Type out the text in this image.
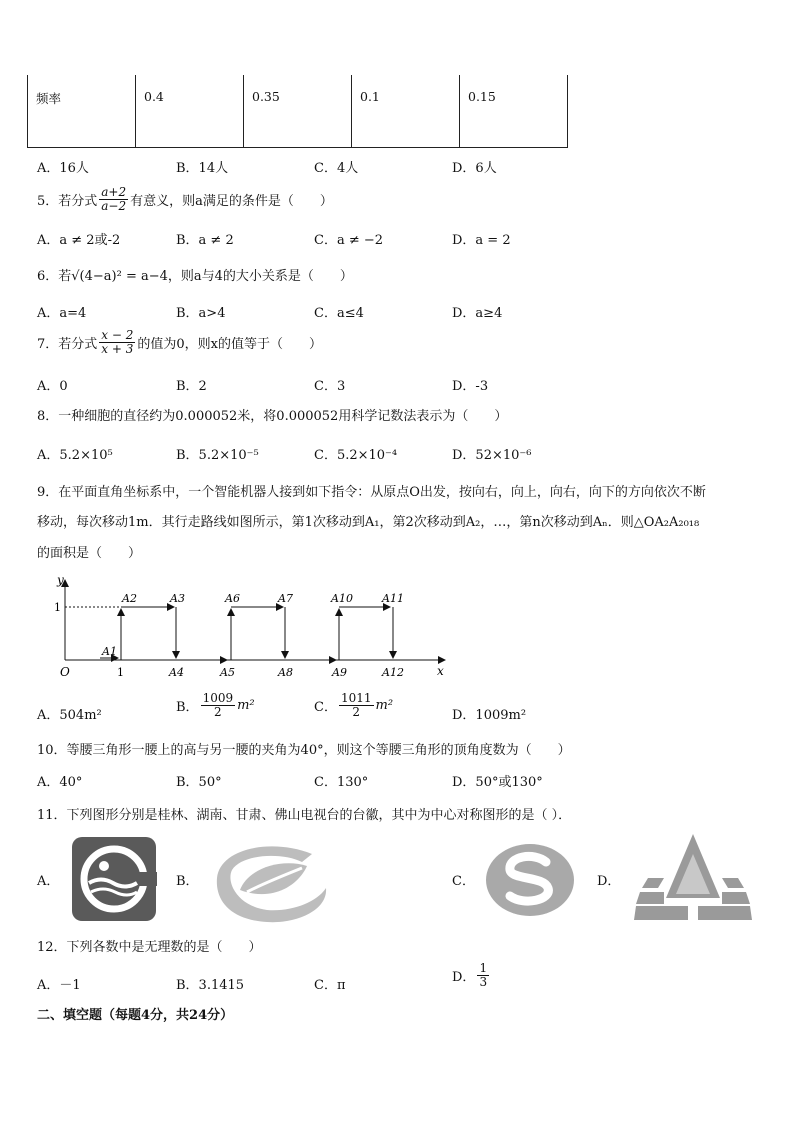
频率	0.4	0.35	0.1	0.15
A．16人	B．14人	C．4人	D．6人
5．若分式 $\frac{a+2}{a-2}$ 有意义，则a满足的条件是（　　）
A．a ≠ 2或-2	B．a ≠ 2	C．a ≠ −2	D．a = 2
6．若√(4−a)² = a−4，则a与4的大小关系是（　　）
A．a=4	B．a>4	C．a≤4	D．a≥4
7．若分式 $\frac{x - 2}{x + 3}$ 的值为0，则x的值等于（　　）
A．0	B．2	C．3	D．-3
8．一种细胞的直径约为0.000052米，将0.000052用科学记数法表示为（　　）
A．5.2×10⁵	B．5.2×10⁻⁵	C．5.2×10⁻⁴	D．52×10⁻⁶
9．在平面直角坐标系中，一个智能机器人接到如下指令：从原点O出发，按向右，向上，向右，向下的方向依次不断
移动，每次移动1m．其行走路线如图所示，第1次移动到A₁，第2次移动到A₂，…，第n次移动到Aₙ．则△OA₂A₂₀₁₈
的面积是（　　）
y
x
O
1
1
A1
A2	A3
A4	A5
A6	A7
A8	A9
A10	A11
A12
A．504m²
B． $\frac{1009}{2} m^2$	C． $\frac{1011}{2} m^2$
D．1009m²
10．等腰三角形一腰上的高与另一腰的夹角为40°，则这个等腰三角形的顶角度数为（　　）
A．40°	B．50°	C．130°	D．50°或130°
11．下列图形分别是桂林、湖南、甘肃、佛山电视台的台徽，其中为中心对称图形的是（ ）．
A．	B．	C．	D．
12．下列各数中是无理数的是（　　）
A．－1	B．3.1415	C．π
D． $\frac{1}{3}$
二、填空题（每题4分，共24分）
